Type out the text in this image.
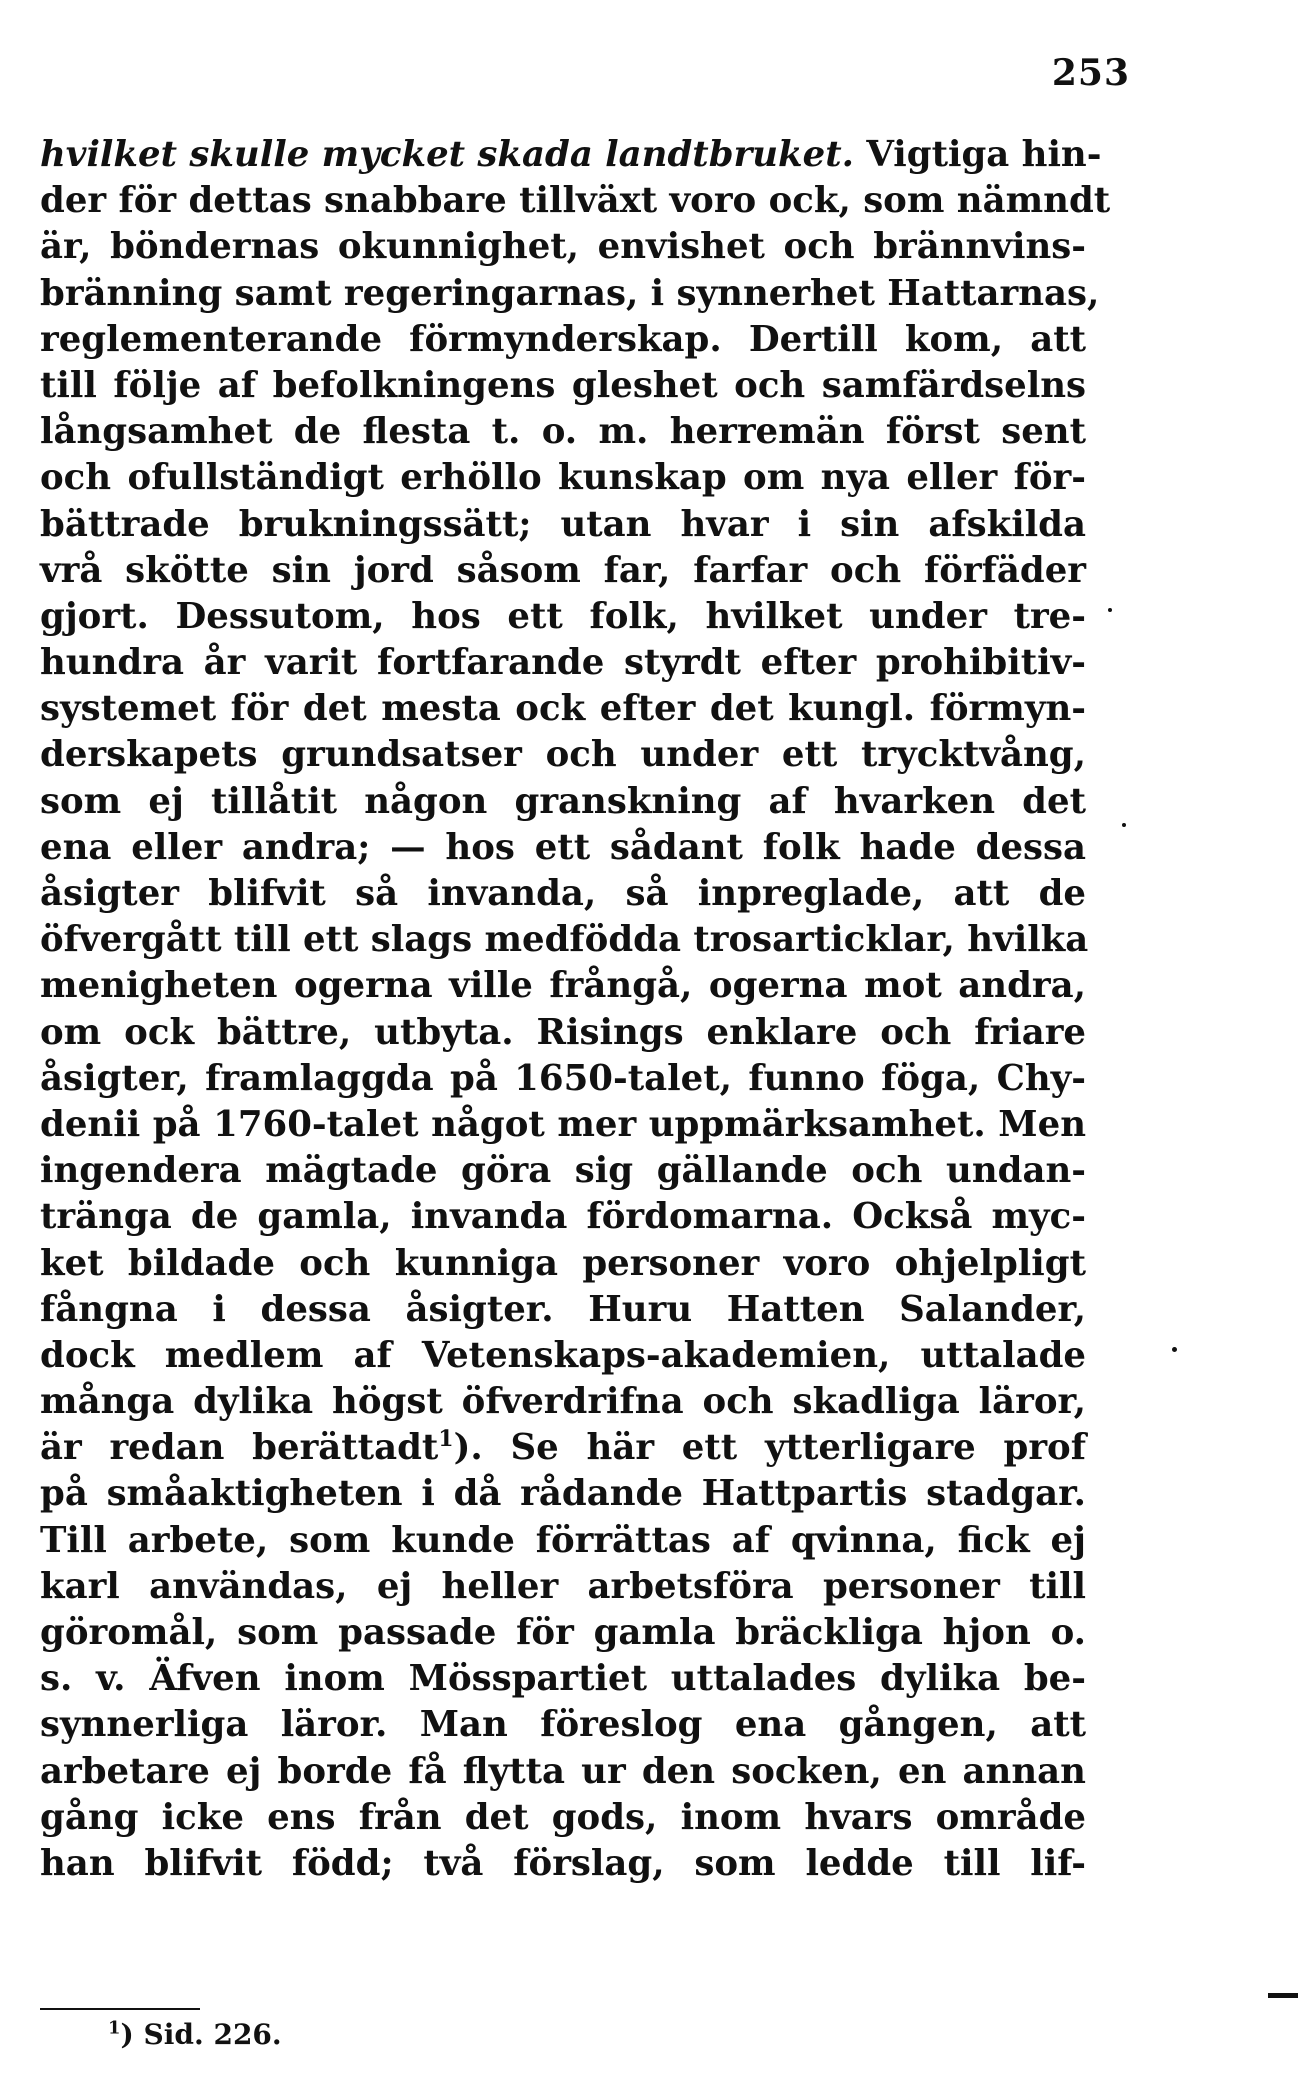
253
hvilket skulle mycket skada landtbruket. Vigtiga hin-
der för dettas snabbare tillväxt voro ock, som nämndt
är, böndernas okunnighet, envishet och brännvins-
bränning samt regeringarnas, i synnerhet Hattarnas,
reglementerande förmynderskap. Dertill kom, att
till följe af befolkningens gleshet och samfärdselns
långsamhet de flesta t. o. m. herremän först sent
och ofullständigt erhöllo kunskap om nya eller för-
bättrade brukningssätt; utan hvar i sin afskilda
vrå skötte sin jord såsom far, farfar och förfäder
gjort. Dessutom, hos ett folk, hvilket under tre-
hundra år varit fortfarande styrdt efter prohibitiv-
systemet för det mesta ock efter det kungl. förmyn-
derskapets grundsatser och under ett trycktvång,
som ej tillåtit någon granskning af hvarken det
ena eller andra; — hos ett sådant folk hade dessa
åsigter blifvit så invanda, så inpreglade, att de
öfvergått till ett slags medfödda trosarticklar, hvilka
menigheten ogerna ville frångå, ogerna mot andra,
om ock bättre, utbyta. Risings enklare och friare
åsigter, framlaggda på 1650-talet, funno föga, Chy-
denii på 1760-talet något mer uppmärksamhet. Men
ingendera mägtade göra sig gällande och undan-
tränga de gamla, invanda fördomarna. Också myc-
ket bildade och kunniga personer voro ohjelpligt
fångna i dessa åsigter. Huru Hatten Salander,
dock medlem af Vetenskaps-akademien, uttalade
många dylika högst öfverdrifna och skadliga läror,
är redan berättadt$^1$). Se här ett ytterligare prof
på småaktigheten i då rådande Hattpartis stadgar.
Till arbete, som kunde förrättas af qvinna, fick ej
karl användas, ej heller arbetsföra personer till
göromål, som passade för gamla bräckliga hjon o.
s. v. Äfven inom Mösspartiet uttalades dylika be-
synnerliga läror. Man föreslog ena gången, att
arbetare ej borde få flytta ur den socken, en annan
gång icke ens från det gods, inom hvars område
han blifvit född; två förslag, som ledde till lif-
$^1$) Sid. 226.
